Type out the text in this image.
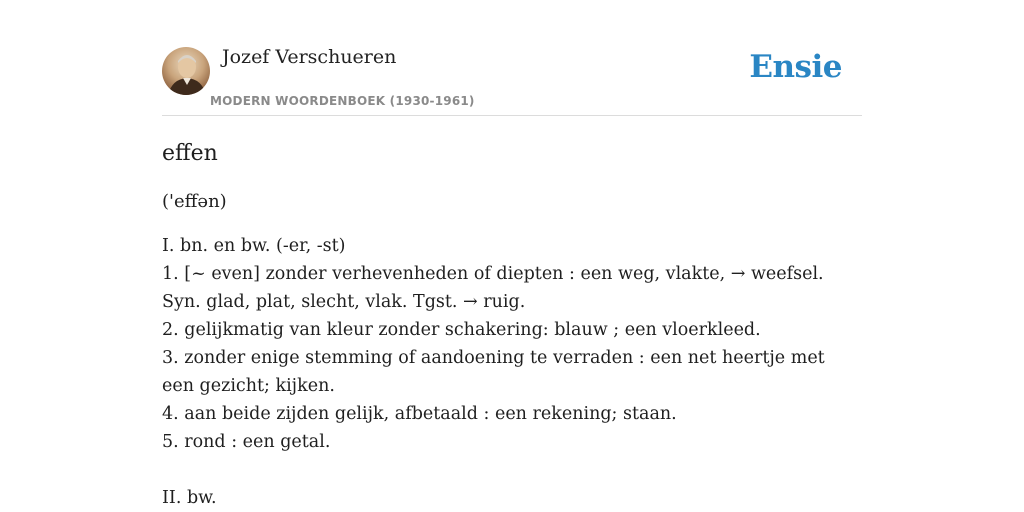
Jozef Verschueren
MODERN WOORDENBOEK (1930-1961)
Ensie
effen
('effən)
I. bn. en bw. (-er, -st)
1. [~ even] zonder verhevenheden of diepten : een weg, vlakte, → weefsel. Syn. glad, plat, slecht, vlak. Tgst. → ruig.
2. gelijkmatig van kleur zonder schakering: blauw ; een vloerkleed.
3. zonder enige stemming of aandoening te verraden : een net heertje met een gezicht; kijken.
4. aan beide zijden gelijk, afbetaald : een rekening; staan.
5. rond : een getal.
II. bw.
